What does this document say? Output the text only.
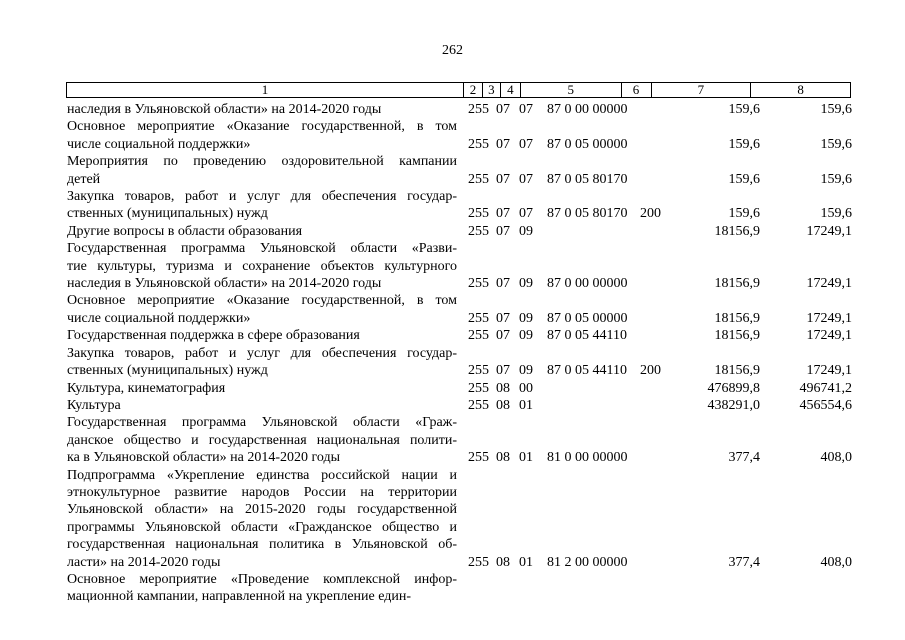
262
1	2 3 4	5	6	7	8
наследия в Ульяновской области» на 2014-2020 годы	255 07 07 87 0 00 00000	159,6	159,6
Основное мероприятие «Оказание государственной, в том
числе социальной поддержки»	255 07 07 87 0 05 00000	159,6	159,6
Мероприятия по проведению оздоровительной кампании
детей	255 07 07 87 0 05 80170	159,6	159,6
Закупка товаров, работ и услуг для обеспечения государ-
ственных (муниципальных) нужд	255 07 07 87 0 05 80170 200	159,6	159,6
Другие вопросы в области образования	255 07 09	18156,9	17249,1
Государственная программа Ульяновской области «Разви-
тие культуры, туризма и сохранение объектов культурного
наследия в Ульяновской области» на 2014-2020 годы	255 07 09 87 0 00 00000	18156,9	17249,1
Основное мероприятие «Оказание государственной, в том
числе социальной поддержки»	255 07 09 87 0 05 00000	18156,9	17249,1
Государственная поддержка в сфере образования	255 07 09 87 0 05 44110	18156,9	17249,1
Закупка товаров, работ и услуг для обеспечения государ-
ственных (муниципальных) нужд	255 07 09 87 0 05 44110 200	18156,9	17249,1
Культура, кинематография	255 08 00	476899,8	496741,2
Культура	255 08 01	438291,0	456554,6
Государственная программа Ульяновской области «Граж-
данское общество и государственная национальная полити-
ка в Ульяновской области» на 2014-2020 годы	255 08 01 81 0 00 00000	377,4	408,0
Подпрограмма «Укрепление единства российской нации и
этнокультурное развитие народов России на территории
Ульяновской области» на 2015-2020 годы государственной
программы Ульяновской области «Гражданское общество и
государственная национальная политика в Ульяновской об-
ласти» на 2014-2020 годы	255 08 01 81 2 00 00000	377,4	408,0
Основное мероприятие «Проведение комплексной инфор-
мационной кампании, направленной на укрепление един-
